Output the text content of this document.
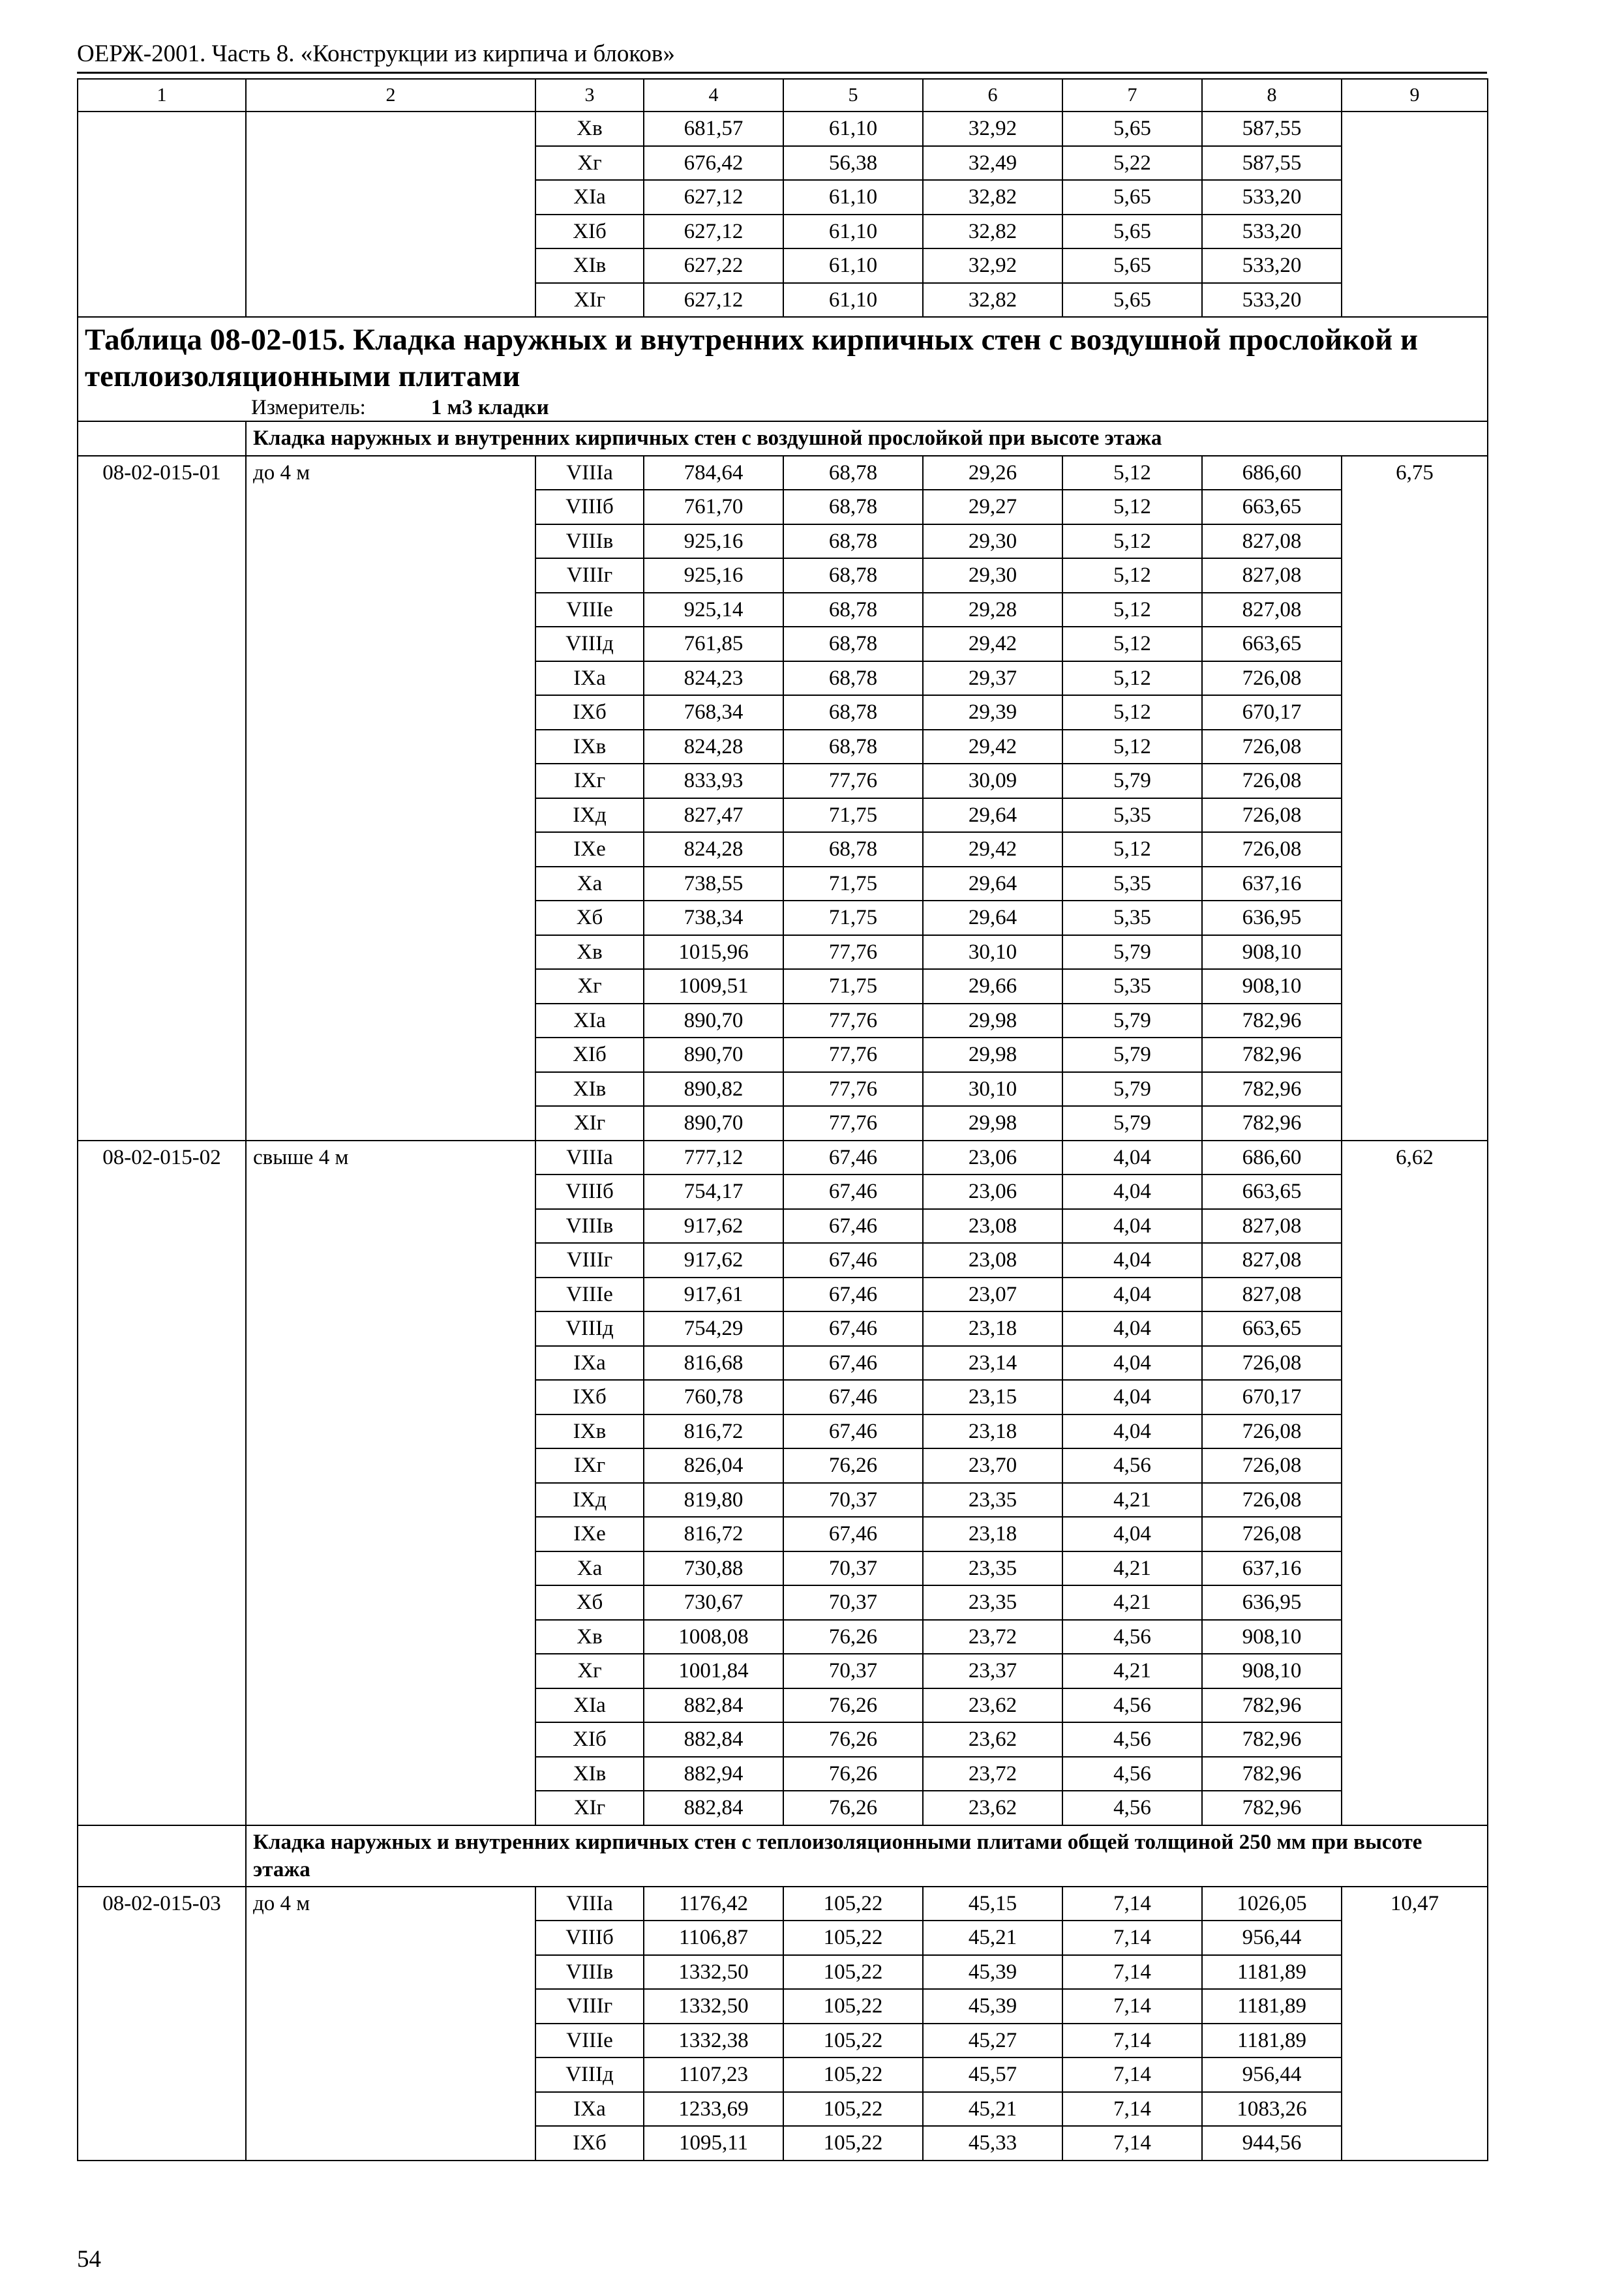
ОЕРЖ-2001. Часть 8. «Конструкции из кирпича и блоков»
1	2	3	4	5	6	7	8	9
		Хв	681,57	61,10	32,92	5,65	587,55	
		Хг	676,42	56,38	32,49	5,22	587,55	
		ХIа	627,12	61,10	32,82	5,65	533,20	
		ХIб	627,12	61,10	32,82	5,65	533,20	
		ХIв	627,22	61,10	32,92	5,65	533,20	
		ХIг	627,12	61,10	32,82	5,65	533,20	

Таблица 08-02-015. Кладка наружных и внутренних кирпичных стен с воздушной прослойкой и теплоизоляционными плитами
Измеритель: 1 м3 кладки								

	Кладка наружных и внутренних кирпичных стен с воздушной прослойкой при высоте этажа							
08-02-015-01	до 4 м	VIIIа	784,64	68,78	29,26	5,12	686,60	6,75
		VIIIб	761,70	68,78	29,27	5,12	663,65	
		VIIIв	925,16	68,78	29,30	5,12	827,08	
		VIIIг	925,16	68,78	29,30	5,12	827,08	
		VIIIе	925,14	68,78	29,28	5,12	827,08	
		VIIIд	761,85	68,78	29,42	5,12	663,65	
		IХа	824,23	68,78	29,37	5,12	726,08	
		IХб	768,34	68,78	29,39	5,12	670,17	
		IХв	824,28	68,78	29,42	5,12	726,08	
		IХг	833,93	77,76	30,09	5,79	726,08	
		IХд	827,47	71,75	29,64	5,35	726,08	
		IХе	824,28	68,78	29,42	5,12	726,08	
		Ха	738,55	71,75	29,64	5,35	637,16	
		Хб	738,34	71,75	29,64	5,35	636,95	
		Хв	1015,96	77,76	30,10	5,79	908,10	
		Хг	1009,51	71,75	29,66	5,35	908,10	
		ХIа	890,70	77,76	29,98	5,79	782,96	
		ХIб	890,70	77,76	29,98	5,79	782,96	
		ХIв	890,82	77,76	30,10	5,79	782,96	
		ХIг	890,70	77,76	29,98	5,79	782,96	
08-02-015-02	свыше 4 м	VIIIа	777,12	67,46	23,06	4,04	686,60	6,62
		VIIIб	754,17	67,46	23,06	4,04	663,65	
		VIIIв	917,62	67,46	23,08	4,04	827,08	
		VIIIг	917,62	67,46	23,08	4,04	827,08	
		VIIIе	917,61	67,46	23,07	4,04	827,08	
		VIIIд	754,29	67,46	23,18	4,04	663,65	
		IХа	816,68	67,46	23,14	4,04	726,08	
		IХб	760,78	67,46	23,15	4,04	670,17	
		IХв	816,72	67,46	23,18	4,04	726,08	
		IХг	826,04	76,26	23,70	4,56	726,08	
		IХд	819,80	70,37	23,35	4,21	726,08	
		IХе	816,72	67,46	23,18	4,04	726,08	
		Ха	730,88	70,37	23,35	4,21	637,16	
		Хб	730,67	70,37	23,35	4,21	636,95	
		Хв	1008,08	76,26	23,72	4,56	908,10	
		Хг	1001,84	70,37	23,37	4,21	908,10	
		ХIа	882,84	76,26	23,62	4,56	782,96	
		ХIб	882,84	76,26	23,62	4,56	782,96	
		ХIв	882,94	76,26	23,72	4,56	782,96	
		ХIг	882,84	76,26	23,62	4,56	782,96	
	Кладка наружных и внутренних кирпичных стен с теплоизоляционными плитами общей толщиной 250 мм при высоте этажа							
08-02-015-03	до 4 м	VIIIа	1176,42	105,22	45,15	7,14	1026,05	10,47
		VIIIб	1106,87	105,22	45,21	7,14	956,44	
		VIIIв	1332,50	105,22	45,39	7,14	1181,89	
		VIIIг	1332,50	105,22	45,39	7,14	1181,89	
		VIIIе	1332,38	105,22	45,27	7,14	1181,89	
		VIIIд	1107,23	105,22	45,57	7,14	956,44	
		IХа	1233,69	105,22	45,21	7,14	1083,26	
		IХб	1095,11	105,22	45,33	7,14	944,56	
54
